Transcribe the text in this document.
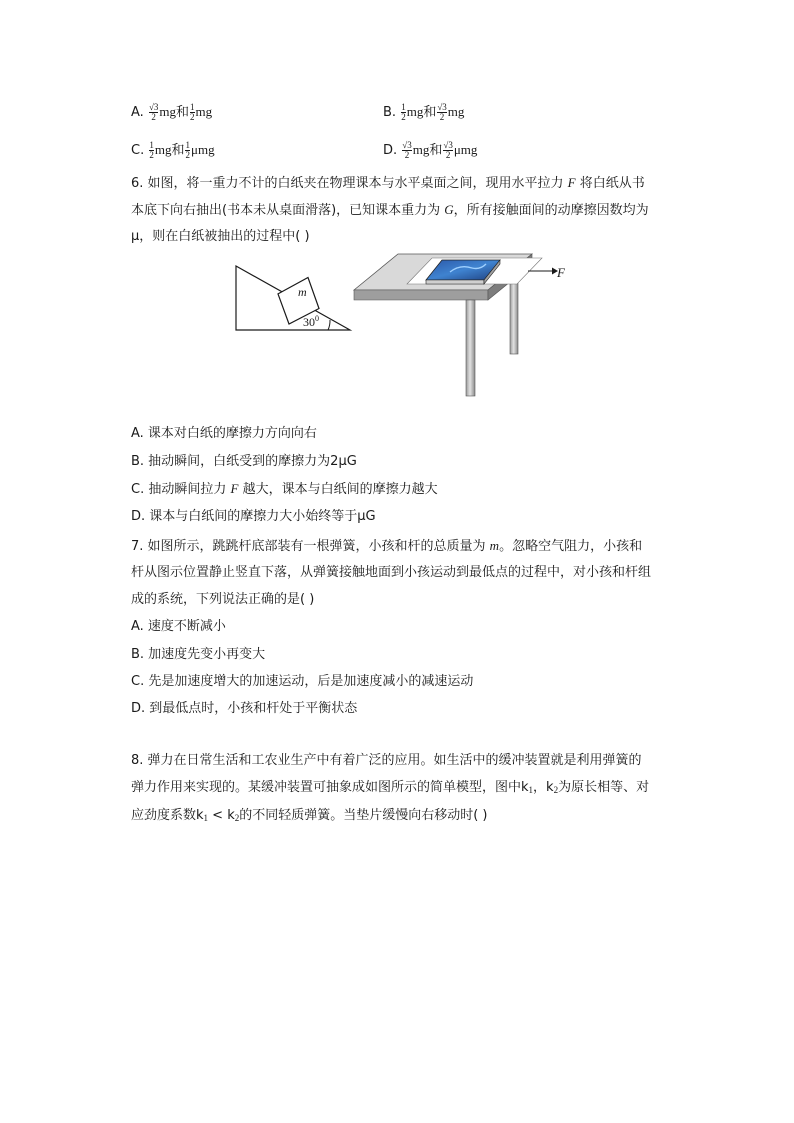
A. $\frac{√3}{2}$ mg和 $\frac{1}{2}$ mg	B. $\frac{1}{2}$ mg和 $\frac{√3}{2}$ mg
C. $\frac{1}{2}$ mg和 $\frac{1}{2}$ μmg	D. $\frac{√3}{2}$ mg和 $\frac{√3}{2}$ μmg
6. 如图，将一重力不计的白纸夹在物理课本与水平桌面之间，现用水平拉力 F 将白纸从书
本底下向右抽出(书本未从桌面滑落)，已知课本重力为 G，所有接触面间的动摩擦因数均为
μ，则在白纸被抽出的过程中( )
m
$30^0$
F
A. 课本对白纸的摩擦力方向向右
B. 抽动瞬间，白纸受到的摩擦力为2μG
C. 抽动瞬间拉力 F 越大，课本与白纸间的摩擦力越大
D. 课本与白纸间的摩擦力大小始终等于μG
7. 如图所示，跳跳杆底部装有一根弹簧，小孩和杆的总质量为 m。忽略空气阻力，小孩和
杆从图示位置静止竖直下落，从弹簧接触地面到小孩运动到最低点的过程中，对小孩和杆组
成的系统，下列说法正确的是( )
A. 速度不断减小
B. 加速度先变小再变大
C. 先是加速度增大的加速运动，后是加速度减小的减速运动
D. 到最低点时，小孩和杆处于平衡状态
8. 弹力在日常生活和工农业生产中有着广泛的应用。如生活中的缓冲装置就是利用弹簧的
弹力作用来实现的。某缓冲装置可抽象成如图所示的简单模型，图中$k_1$，$k_2$为原长相等、对
应劲度系数$k_1 < k_2$的不同轻质弹簧。当垫片缓慢向右移动时( )
